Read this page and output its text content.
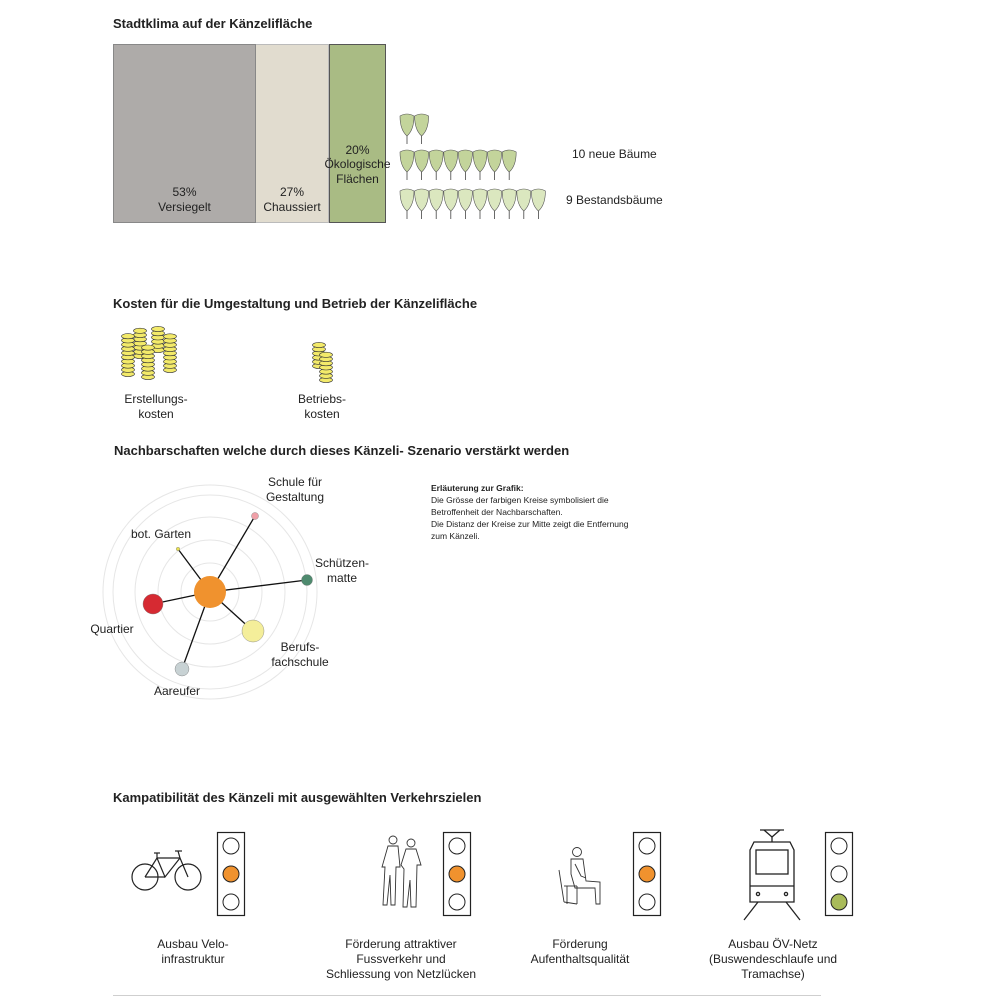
Stadtklima auf der Känzelifläche
53%
Versiegelt
27%
Chaussiert
20%
Ökologische
Flächen
10 neue Bäume
9 Bestandsbäume
Kosten für die Umgestaltung und Betrieb der Känzelifläche
Erstellungs-
kosten
Betriebs-
kosten
Nachbarschaften welche durch dieses Känzeli- Szenario verstärkt werden
Schule für
Gestaltung
bot. Garten
Schützen-
matte
Quartier
Berufs-
fachschule
Aareufer
Erläuterung zur Grafik:
Die Grösse der farbigen Kreise symbolisiert die
Betroffenheit der Nachbarschaften.
Die Distanz der Kreise zur Mitte zeigt die Entfernung
zum Känzeli.
Kampatibilität des Känzeli mit ausgewählten Verkehrszielen
Ausbau Velo-
infrastruktur
Förderung attraktiver
Fussverkehr und
Schliessung von Netzlücken
Förderung
Aufenthaltsqualität
Ausbau ÖV-Netz
(Buswendeschlaufe und
Tramachse)
